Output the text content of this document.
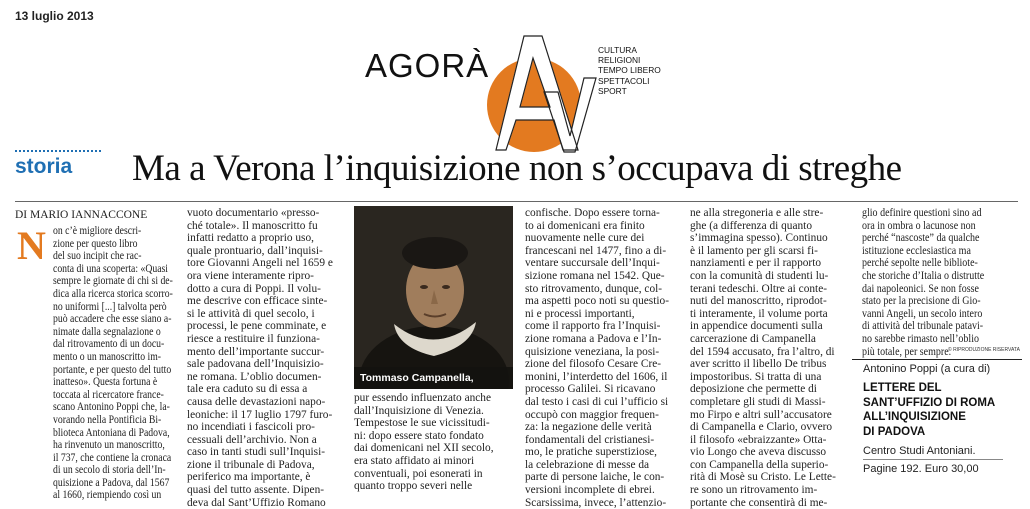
13 luglio 2013
AGORÀ	CULTURA
RELIGIONI
TEMPO LIBERO
SPETTACOLI
SPORT
storia Ma a Verona l’inquisizione non s’occupava di streghe
DI MARIO IANNACCONE
N on c’è migliore descri-
zione per questo libro
del suo incipit che rac-
conta di una scoperta: «Quasi
sempre le giornate di chi si de-
dica alla ricerca storica scorro-
no uniformi [...] talvolta però
può accadere che esse siano a-
nimate dalla segnalazione o
dal ritrovamento di un docu-
mento o un manoscritto im-
portante, e per questo del tutto
inatteso». Questa fortuna è
toccata al ricercatore france-
scano Antonino Poppi che, la-
vorando nella Pontificia Bi-
blioteca Antoniana di Padova,
ha rinvenuto un manoscritto,
il 737, che contiene la cronaca
di un secolo di storia dell’In-
quisizione a Padova, dal 1567
al 1660, riempiendo così un
vuoto documentario «presso-
ché totale». Il manoscritto fu
infatti redatto a proprio uso,
quale prontuario, dall’inquisi-
tore Giovanni Angeli nel 1659 e
ora viene interamente ripro-
dotto a cura di Poppi. Il volu-
me descrive con efficace sinte-
si le attività di quel secolo, i
processi, le pene comminate, e
riesce a restituire il funziona-
mento dell’importante succur-
sale padovana dell’Inquisizio-
ne romana. L’oblio documen-
tale era caduto su di essa a
causa delle devastazioni napo-
leoniche: il 17 luglio 1797 furo-
no incendiati i fascicoli pro-
cessuali dell’archivio. Non a
caso in tanti studi sull’Inquisi-
zione il tribunale di Padova,
periferico ma importante, è
quasi del tutto assente. Dipen-
deva dal Sant’Uffizio Romano
Tommaso Campanella,
pur essendo influenzato anche
dall’Inquisizione di Venezia.
Tempestose le sue vicissitudi-
ni: dopo essere stato fondato
dai domenicani nel XII secolo,
era stato affidato ai minori
conventuali, poi esonerati in
quanto troppo severi nelle
confische. Dopo essere torna-
to ai domenicani era finito
nuovamente nelle cure dei
francescani nel 1477, fino a di-
ventare succursale dell’Inqui-
sizione romana nel 1542. Que-
sto ritrovamento, dunque, col-
ma aspetti poco noti su questio-
ni e processi importanti,
come il rapporto fra l’Inquisi-
zione romana a Padova e l’In-
quisizione veneziana, la posi-
zione del filosofo Cesare Cre-
monini, l’interdetto del 1606, il
processo Galilei. Si ricavano
dal testo i casi di cui l’ufficio si
occupò con maggior frequen-
za: la negazione delle verità
fondamentali del cristianesi-
mo, le pratiche superstiziose,
la celebrazione di messe da
parte di persone laiche, le con-
versioni incomplete di ebrei.
Scarsissima, invece, l’attenzio-
ne alla stregoneria e alle stre-
ghe (a differenza di quanto
s’immagina spesso). Continuo
è il lamento per gli scarsi fi-
nanziamenti e per il rapporto
con la comunità di studenti lu-
terani tedeschi. Oltre ai conte-
nuti del manoscritto, riprodot-
ti interamente, il volume porta
in appendice documenti sulla
carcerazione di Campanella
del 1594 accusato, fra l’altro, di
aver scritto il libello De tribus
impostoribus. Si tratta di una
deposizione che permette di
completare gli studi di Massi-
mo Firpo e altri sull’accusatore
di Campanella e Clario, ovvero
il filosofo «ebraizzante» Otta-
vio Longo che aveva discusso
con Campanella della superio-
rità di Mosè su Cristo. Le Lette-
re sono un ritrovamento im-
portante che consentirà di me-
glio definire questioni sino ad
ora in ombra o lacunose non
perché “nascoste” da qualche
istituzione ecclesiastica ma
perché sepolte nelle bibliote-
che storiche d’Italia o distrutte
dai napoleonici. Se non fosse
stato per la precisione di Gio-
vanni Angeli, un secolo intero
di attività del tribunale patavi-
no sarebbe rimasto nell’oblio
più totale, per sempre.
© RIPRODUZIONE RISERVATA
Antonino Poppi (a cura di)
LETTERE DEL
SANT’UFFIZIO DI ROMA
ALL’INQUISIZIONE
DI PADOVA
Centro Studi Antoniani.
Pagine 192. Euro 30,00
